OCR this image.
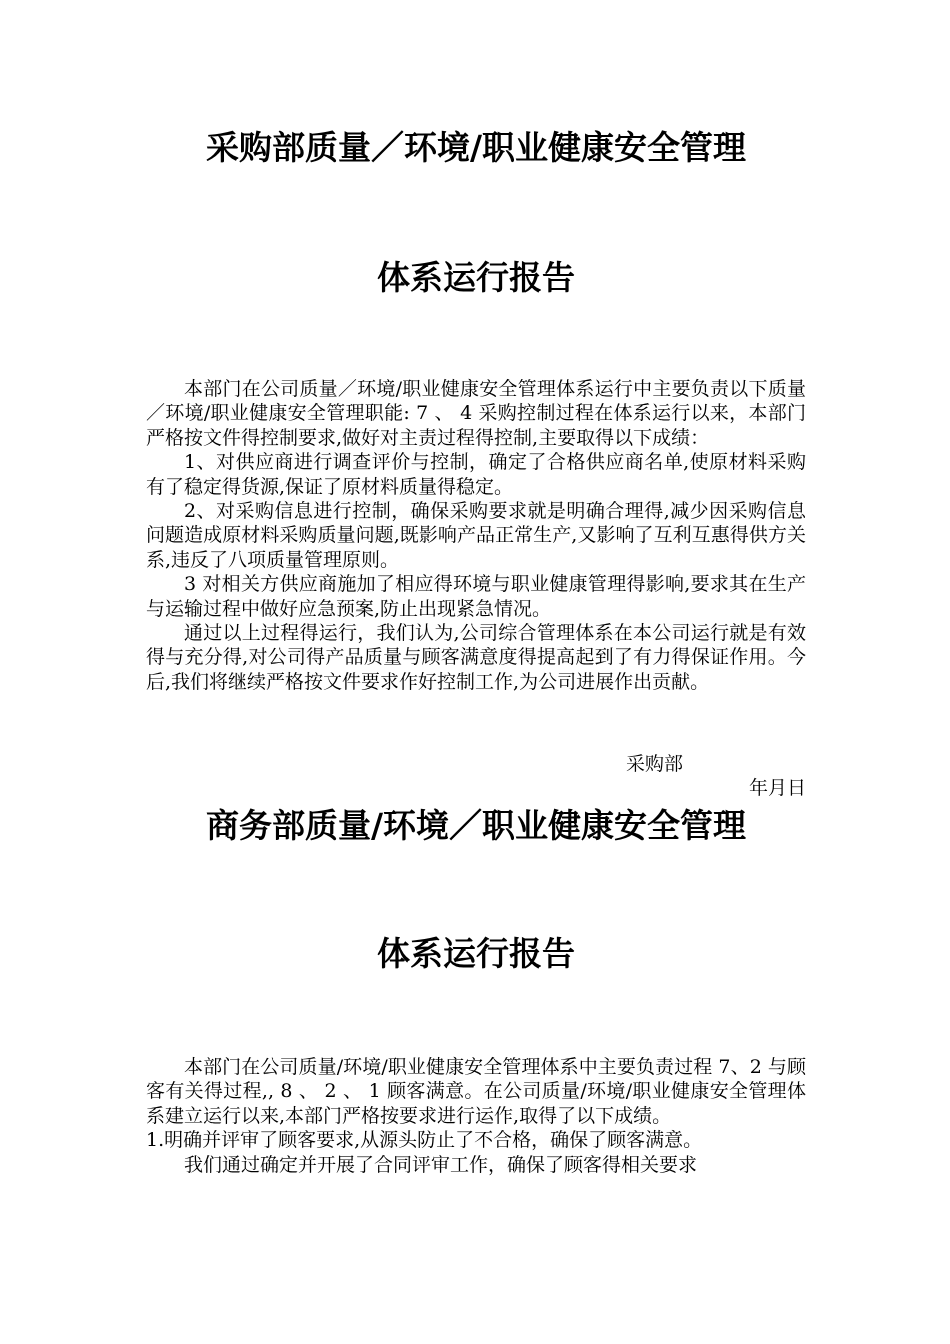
采购部质量／环境/职业健康安全管理
体系运行报告

本部门在公司质量／环境/职业健康安全管理体系运行中主要负责以下质量／环境/职业健康安全管理职能: 7 、 4 采购控制过程在体系运行以来，本部门严格按文件得控制要求,做好对主责过程得控制,主要取得以下成绩：

1、对供应商进行调查评价与控制，确定了合格供应商名单,使原材料采购有了稳定得货源,保证了原材料质量得稳定。

2、对采购信息进行控制，确保采购要求就是明确合理得,减少因采购信息问题造成原材料采购质量问题,既影响产品正常生产,又影响了互利互惠得供方关系,违反了八项质量管理原则。

3 对相关方供应商施加了相应得环境与职业健康管理得影响,要求其在生产与运输过程中做好应急预案,防止出现紧急情况。

通过以上过程得运行，我们认为,公司综合管理体系在本公司运行就是有效得与充分得,对公司得产品质量与顾客满意度得提高起到了有力得保证作用。今后,我们将继续严格按文件要求作好控制工作,为公司进展作出贡献。

采购部
年月日
商务部质量/环境／职业健康安全管理
体系运行报告

本部门在公司质量/环境/职业健康安全管理体系中主要负责过程 7、2 与顾客有关得过程,, 8 、 2 、 1 顾客满意。在公司质量/环境/职业健康安全管理体系建立运行以来,本部门严格按要求进行运作,取得了以下成绩。

1.明确并评审了顾客要求,从源头防止了不合格，确保了顾客满意。

我们通过确定并开展了合同评审工作，确保了顾客得相关要求
